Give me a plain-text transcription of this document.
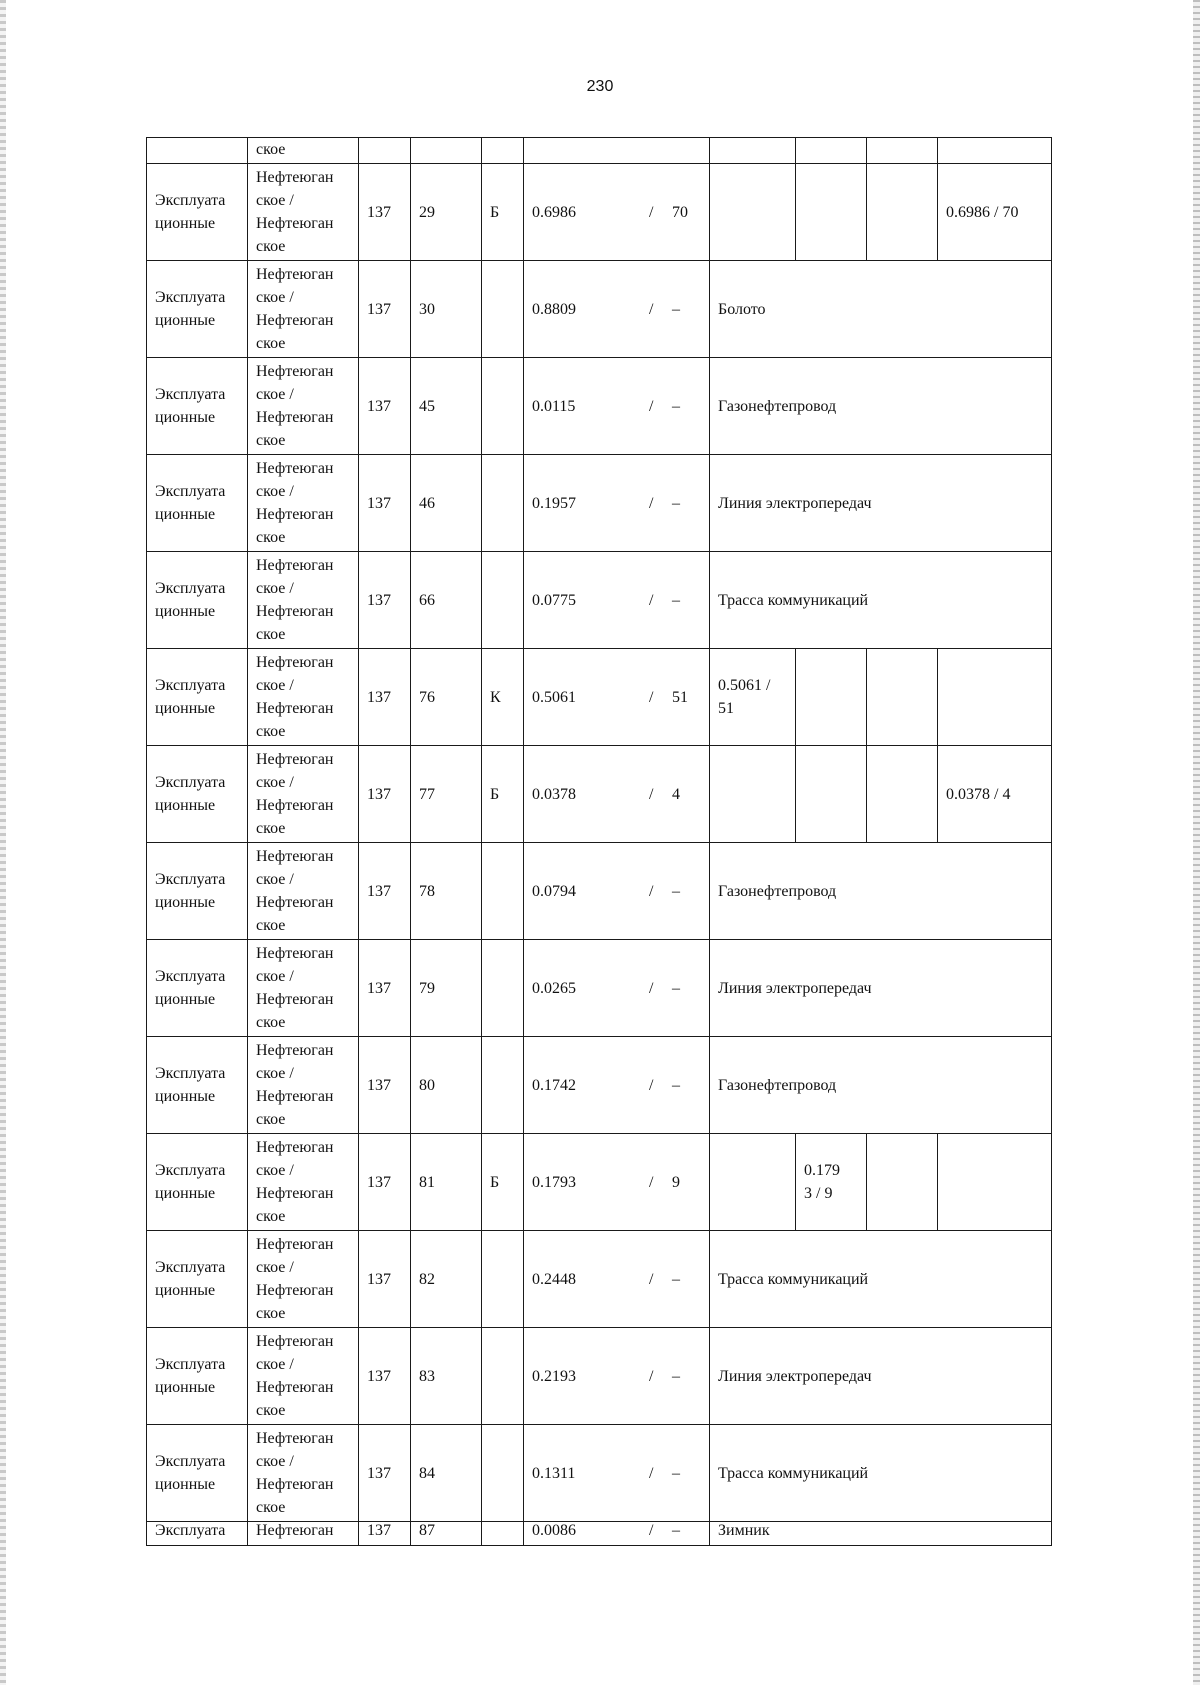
230
	ское								
Эксплуата
ционные	Нефтеюган
ское /
Нефтеюган
ское	137	29	Б	0.6986 / 70				0.6986 / 70
Эксплуата
ционные	Нефтеюган
ское /
Нефтеюган
ское	137	30		0.8809 / –	Болото			
Эксплуата
ционные	Нефтеюган
ское /
Нефтеюган
ское	137	45		0.0115 / –	Газонефтепровод			
Эксплуата
ционные	Нефтеюган
ское /
Нефтеюган
ское	137	46		0.1957 / –	Линия электропередач			
Эксплуата
ционные	Нефтеюган
ское /
Нефтеюган
ское	137	66		0.0775 / –	Трасса коммуникаций			
Эксплуата
ционные	Нефтеюган
ское /
Нефтеюган
ское	137	76	К	0.5061 / 51	0.5061 /
51			
Эксплуата
ционные	Нефтеюган
ское /
Нефтеюган
ское	137	77	Б	0.0378 / 4				0.0378 / 4
Эксплуата
ционные	Нефтеюган
ское /
Нефтеюган
ское	137	78		0.0794 / –	Газонефтепровод			
Эксплуата
ционные	Нефтеюган
ское /
Нефтеюган
ское	137	79		0.0265 / –	Линия электропередач			
Эксплуата
ционные	Нефтеюган
ское /
Нефтеюган
ское	137	80		0.1742 / –	Газонефтепровод			
Эксплуата
ционные	Нефтеюган
ское /
Нефтеюган
ское	137	81	Б	0.1793 / 9		0.179
3 / 9		
Эксплуата
ционные	Нефтеюган
ское /
Нефтеюган
ское	137	82		0.2448 / –	Трасса коммуникаций			
Эксплуата
ционные	Нефтеюган
ское /
Нефтеюган
ское	137	83		0.2193 / –	Линия электропередач			
Эксплуата
ционные	Нефтеюган
ское /
Нефтеюган
ское	137	84		0.1311 / –	Трасса коммуникаций			
Эксплуата	Нефтеюган	137	87		0.0086 / –	Зимник			
